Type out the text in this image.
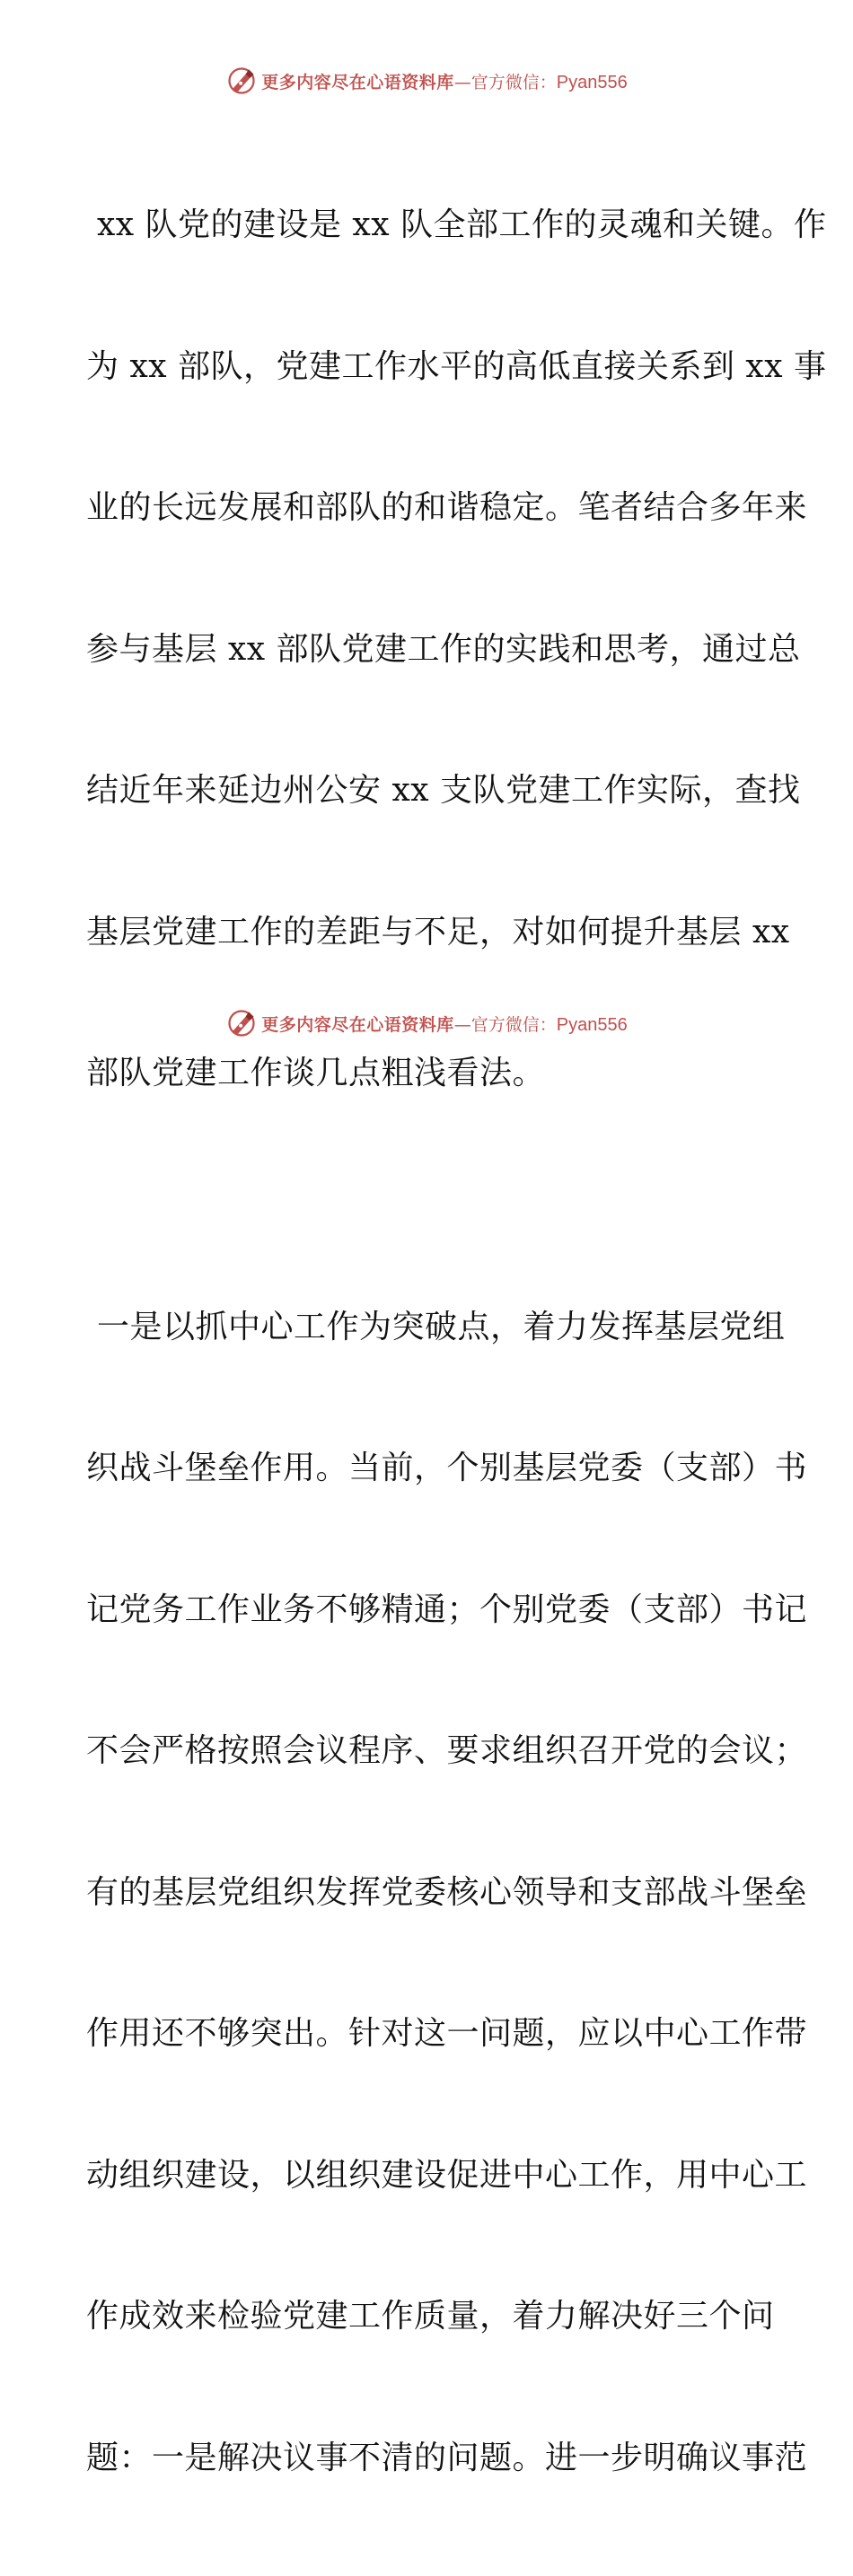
更多内容尽在心语资料库 — 官方微信： Pyan556

xx 队党的建设是 xx 队全部工作的灵魂和关键。作

为 xx 部队，党建工作水平的高低直接关系到 xx 事

业的长远发展和部队的和谐稳定。笔者结合多年来

参与基层 xx 部队党建工作的实践和思考，通过总

结近年来延边州公安 xx 支队党建工作实际，查找

基层党建工作的差距与不足，对如何提升基层 xx

部队党建工作谈几点粗浅看法。

一是以抓中心工作为突破点，着力发挥基层党组

织战斗堡垒作用。当前，个别基层党委（支部）书

记党务工作业务不够精通；个别党委（支部）书记

不会严格按照会议程序、要求组织召开党的会议；

有的基层党组织发挥党委核心领导和支部战斗堡垒

作用还不够突出。针对这一问题，应以中心工作带

动组织建设，以组织建设促进中心工作，用中心工

作成效来检验党建工作质量，着力解决好三个问

题：一是解决议事不清的问题。进一步明确议事范

更多内容尽在心语资料库 — 官方微信： Pyan556
